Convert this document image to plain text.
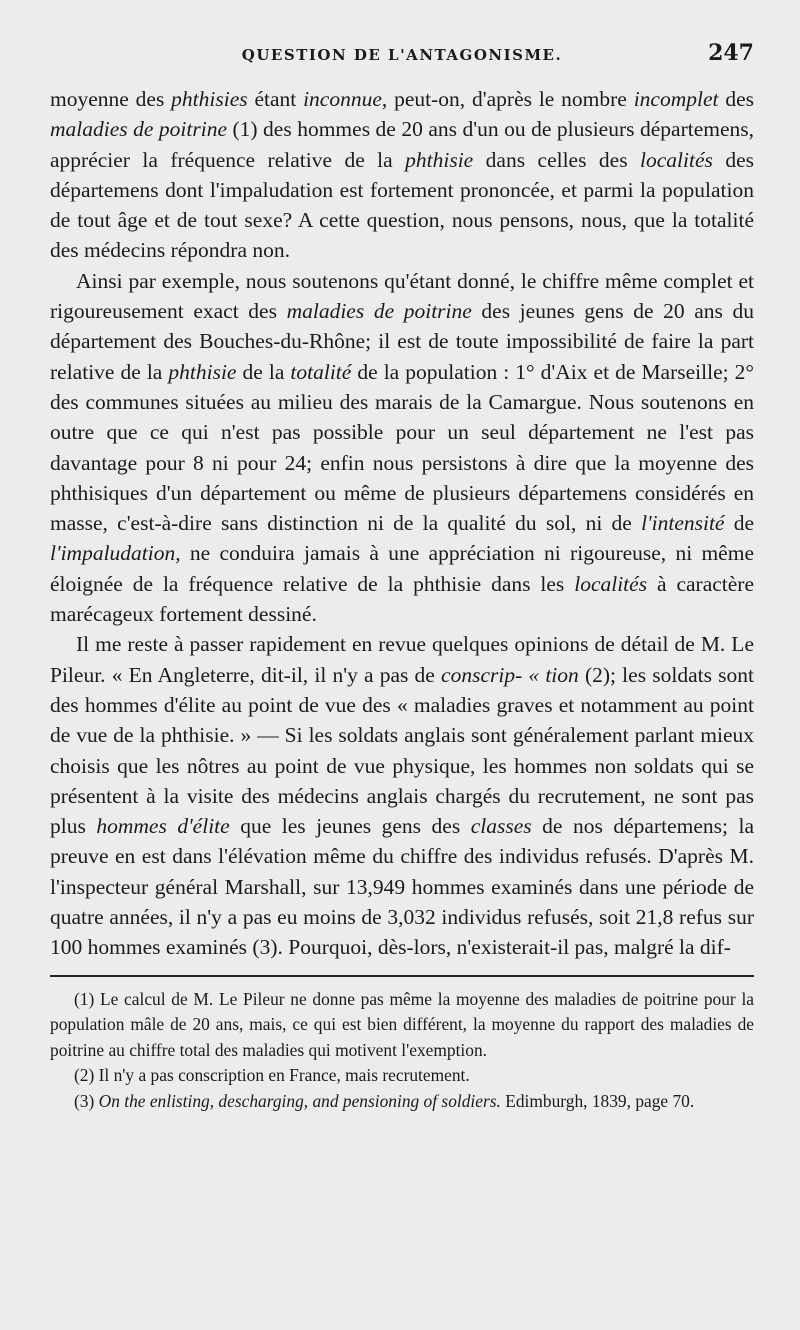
QUESTION DE L'ANTAGONISME.	247

moyenne des phthisies étant inconnue, peut-on, d'après le nombre incomplet des maladies de poitrine (1) des hommes de 20 ans d'un ou de plusieurs départemens, apprécier la fréquence relative de la phthisie dans celles des localités des départemens dont l'impaludation est fortement prononcée, et parmi la population de tout âge et de tout sexe? A cette question, nous pensons, nous, que la totalité des médecins répondra non.

Ainsi par exemple, nous soutenons qu'étant donné, le chiffre même complet et rigoureusement exact des maladies de poitrine des jeunes gens de 20 ans du département des Bouches-du-Rhône; il est de toute impossibilité de faire la part relative de la phthisie de la totalité de la population : 1° d'Aix et de Marseille; 2° des communes situées au milieu des marais de la Camargue. Nous soutenons en outre que ce qui n'est pas possible pour un seul département ne l'est pas davantage pour 8 ni pour 24; enfin nous persistons à dire que la moyenne des phthisiques d'un département ou même de plusieurs départemens considérés en masse, c'est-à-dire sans distinction ni de la qualité du sol, ni de l'intensité de l'impaludation, ne conduira jamais à une appréciation ni rigoureuse, ni même éloignée de la fréquence relative de la phthisie dans les localités à caractère marécageux fortement dessiné.

Il me reste à passer rapidement en revue quelques opinions de détail de M. Le Pileur. « En Angleterre, dit-il, il n'y a pas de conscrip- « tion (2); les soldats sont des hommes d'élite au point de vue des « maladies graves et notamment au point de vue de la phthisie. » — Si les soldats anglais sont généralement parlant mieux choisis que les nôtres au point de vue physique, les hommes non soldats qui se présentent à la visite des médecins anglais chargés du recrutement, ne sont pas plus hommes d'élite que les jeunes gens des classes de nos départemens; la preuve en est dans l'élévation même du chiffre des individus refusés. D'après M. l'inspecteur général Marshall, sur 13,949 hommes examinés dans une période de quatre années, il n'y a pas eu moins de 3,032 individus refusés, soit 21,8 refus sur 100 hommes examinés (3). Pourquoi, dès-lors, n'existerait-il pas, malgré la dif-

(1) Le calcul de M. Le Pileur ne donne pas même la moyenne des maladies de poitrine pour la population mâle de 20 ans, mais, ce qui est bien différent, la moyenne du rapport des maladies de poitrine au chiffre total des maladies qui motivent l'exemption.

(2) Il n'y a pas conscription en France, mais recrutement.

(3) On the enlisting, descharging, and pensioning of soldiers. Edimburgh, 1839, page 70.
